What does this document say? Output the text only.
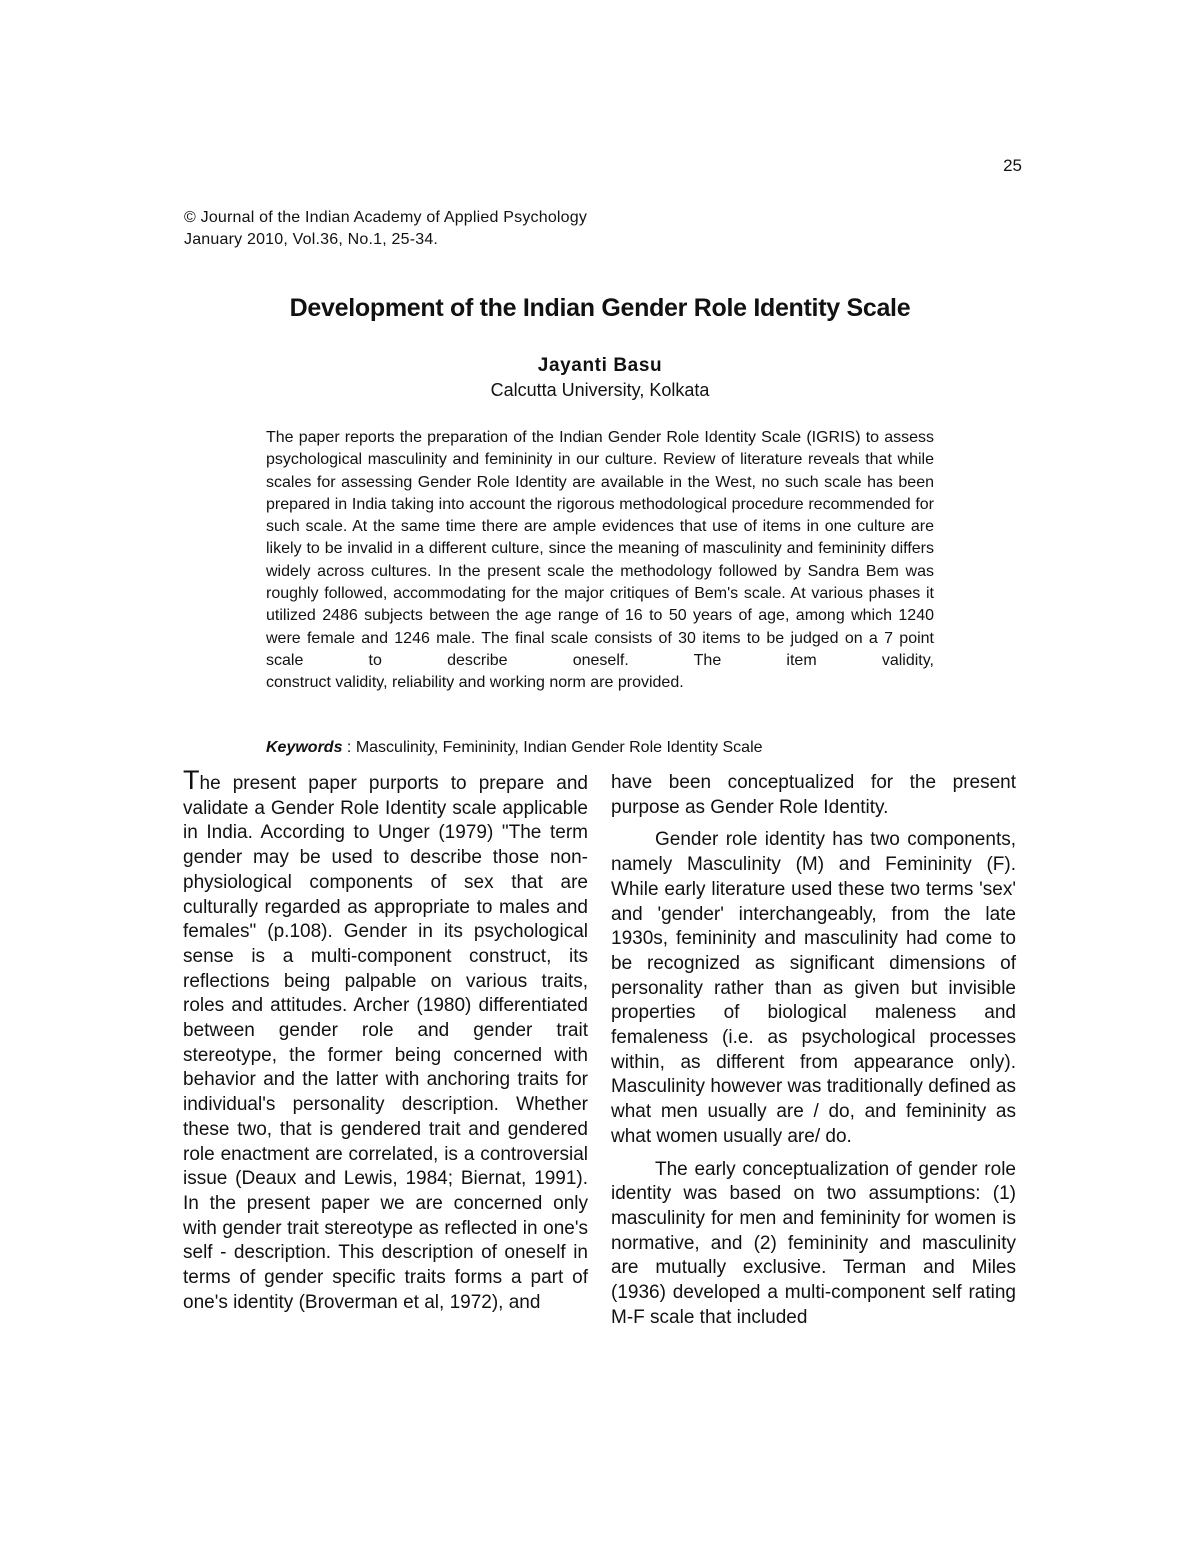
25
© Journal of the Indian Academy of Applied Psychology
January 2010, Vol.36, No.1, 25-34.
Development of the Indian Gender Role Identity Scale
Jayanti Basu
Calcutta University, Kolkata
The paper reports the preparation of the Indian Gender Role Identity Scale (IGRIS) to assess psychological masculinity and femininity in our culture. Review of literature reveals that while scales for assessing Gender Role Identity are available in the West, no such scale has been prepared in India taking into account the rigorous methodological procedure recommended for such scale. At the same time there are ample evidences that use of items in one culture are likely to be invalid in a different culture, since the meaning of masculinity and femininity differs widely across cultures. In the present scale the methodology followed by Sandra Bem was roughly followed, accommodating for the major critiques of Bem's scale. At various phases it utilized 2486 subjects between the age range of 16 to 50 years of age, among which 1240 were female and 1246 male. The final scale consists of 30 items to be judged on a 7 point scale to describe oneself. The item validity,
construct validity, reliability and working norm are provided.
Keywords : Masculinity, Femininity, Indian Gender Role Identity Scale

The present paper purports to prepare and validate a Gender Role Identity scale applicable in India. According to Unger (1979) "The term gender may be used to describe those non-physiological components of sex that are culturally regarded as appropriate to males and females" (p.108). Gender in its psychological sense is a multi-component construct, its reflections being palpable on various traits, roles and attitudes. Archer (1980) differentiated between gender role and gender trait stereotype, the former being concerned with behavior and the latter with anchoring traits for individual's personality description. Whether these two, that is gendered trait and gendered role enactment are correlated, is a controversial issue (Deaux and Lewis, 1984; Biernat, 1991). In the present paper we are concerned only with gender trait stereotype as reflected in one's self - description. This description of oneself in terms of gender specific traits forms a part of one's identity (Broverman et al, 1972), and

have been conceptualized for the present purpose as Gender Role Identity.

Gender role identity has two components, namely Masculinity (M) and Femininity (F). While early literature used these two terms 'sex' and 'gender' interchangeably, from the late 1930s, femininity and masculinity had come to be recognized as significant dimensions of personality rather than as given but invisible properties of biological maleness and femaleness (i.e. as psychological processes within, as different from appearance only). Masculinity however was traditionally defined as what men usually are / do, and femininity as what women usually are/ do.

The early conceptualization of gender role identity was based on two assumptions: (1) masculinity for men and femininity for women is normative, and (2) femininity and masculinity are mutually exclusive. Terman and Miles (1936) developed a multi-component self rating M-F scale that included
